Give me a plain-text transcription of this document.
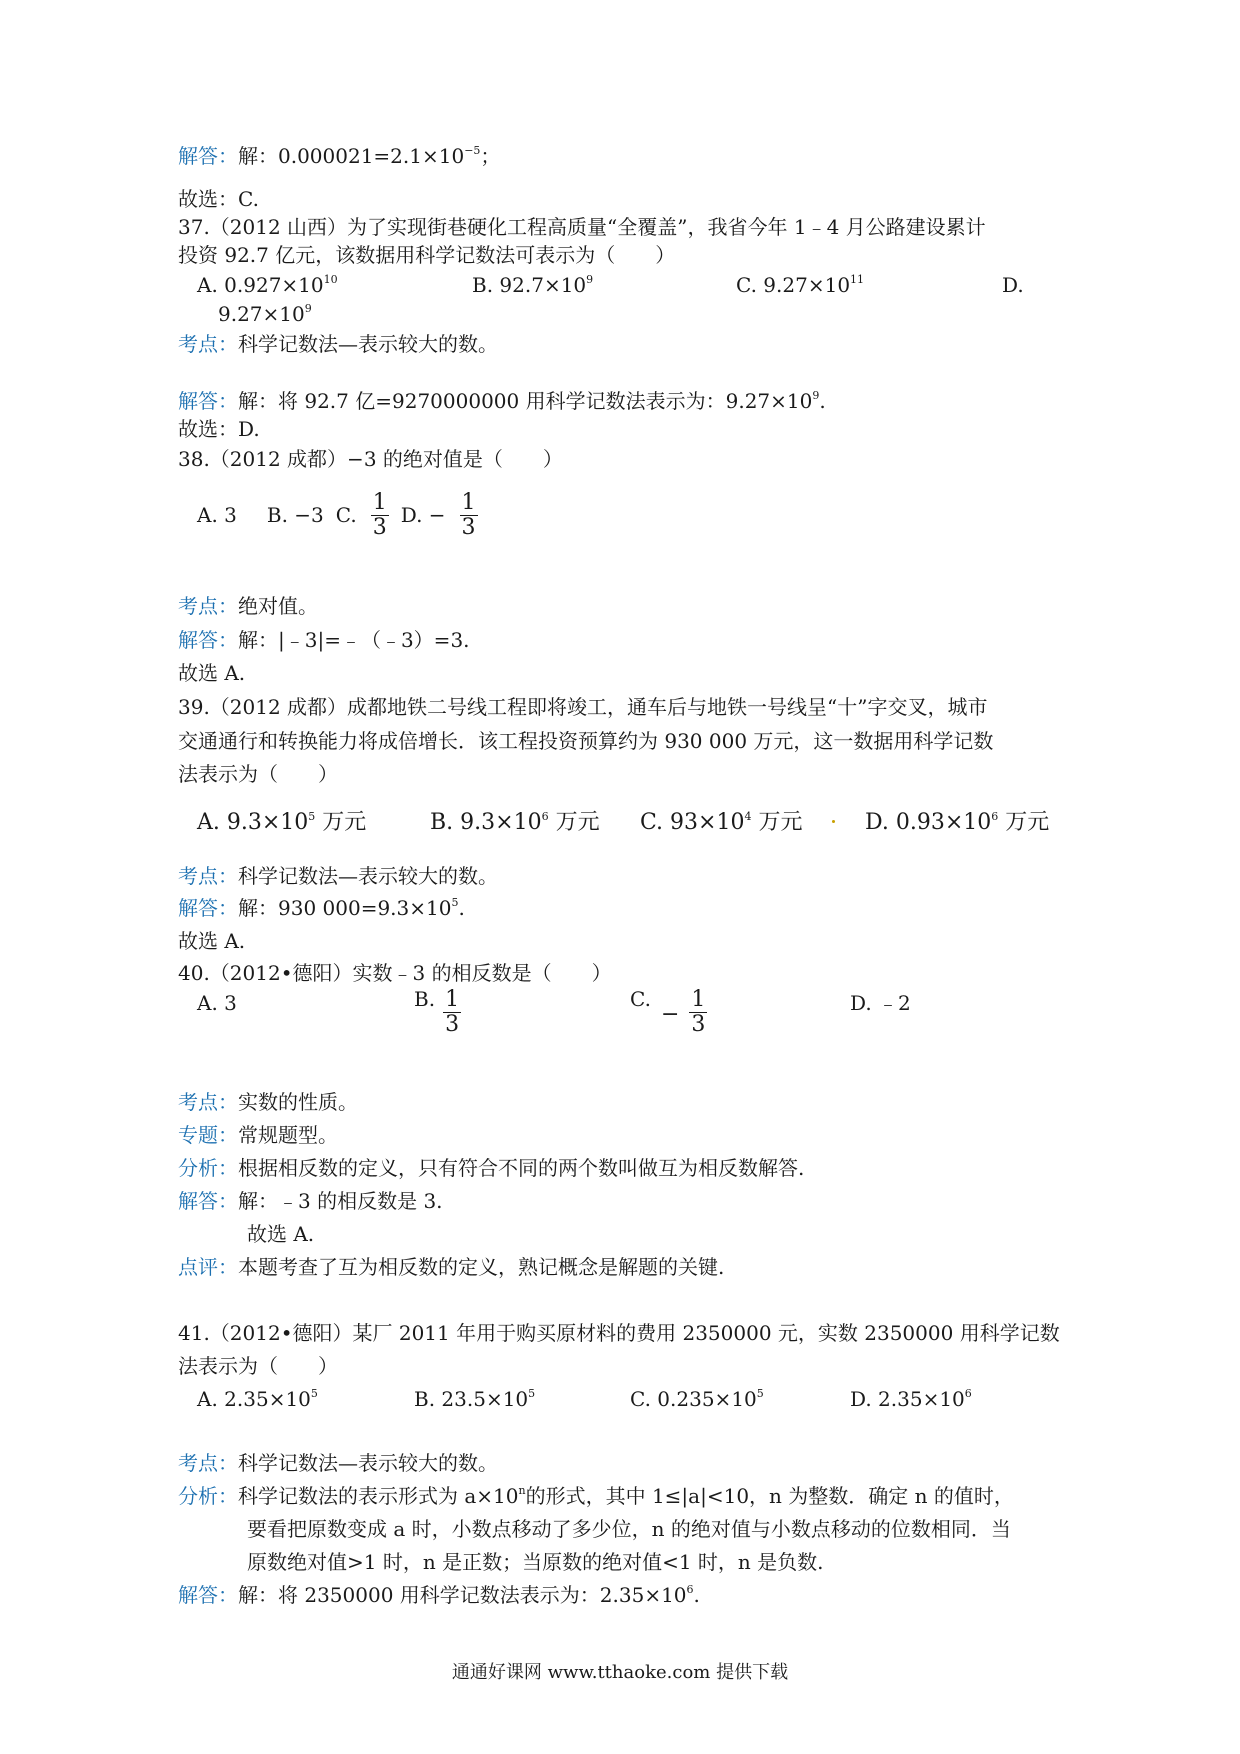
解答：解：$0.000021=2.1\times 10^{-5}$；
故选：C.
37.（2012 山西）为了实现街巷硬化工程高质量“全覆盖”，我省今年 1﹣4 月公路建设累计
投资 92.7 亿元，该数据用科学记数法可表示为（　　）
A. $0.927\times 10^{10}$	B. $92.7\times 10^9$	C. $9.27\times 10^{11}$	D.
$9.27\times 10^9$
考点：科学记数法—表示较大的数。
解答：解：将 92.7 亿=9270000000 用科学记数法表示为：$9.27\times 10^9$.
故选：D.
38.（2012 成都）−3 的绝对值是（　　）
A. 3 B. −3 C. $\frac{1}{3} D$. − $\frac{1}{3}$
考点：绝对值。
解答：解：|﹣3|=﹣（﹣3）=3.
故选 A.
39.（2012 成都）成都地铁二号线工程即将竣工，通车后与地铁一号线呈“十”字交叉，城市
交通通行和转换能力将成倍增长．该工程投资预算约为 930 000 万元，这一数据用科学记数
法表示为（　　）
A. $9.3\times 10^5$ 万元	B. $9.3\times 10^6$ 万元 C. $93\times 10^4$ 万元	D. $0.93\times 10^6$ 万元
考点：科学记数法—表示较大的数。
解答：解：930 $000=9.3\times 10^5$.
故选 A.
40.（2012•德阳）实数﹣3 的相反数是（　　）
A. 3	B. $\frac{1}{3}$	C.
− $\frac{1}{3}$	D. ﹣2
考点：实数的性质。
专题：常规题型。
分析：根据相反数的定义，只有符合不同的两个数叫做互为相反数解答.
解答：解：﹣3 的相反数是 3.
故选 A.
点评：本题考查了互为相反数的定义，熟记概念是解题的关键.
41.（2012•德阳）某厂 2011 年用于购买原材料的费用 2350000 元，实数 2350000 用科学记数
法表示为（　　）
A. $2.35\times 10^5$	B. $23.5\times 10^5$	C. $0.235\times 10^5$	D. $2.35\times 10^6$
考点：科学记数法—表示较大的数。
分析：科学记数法的表示形式为 $a\times 10^n$的形式，其中 1≤|a|<10，n 为整数．确定 n 的值时，
要看把原数变成 a 时，小数点移动了多少位，n 的绝对值与小数点移动的位数相同．当
原数绝对值>1 时，n 是正数；当原数的绝对值<1 时，n 是负数.
解答：解：将 2350000 用科学记数法表示为：$2.35\times 10^6$.
通通好课网 www.tthaoke.com 提供下载
